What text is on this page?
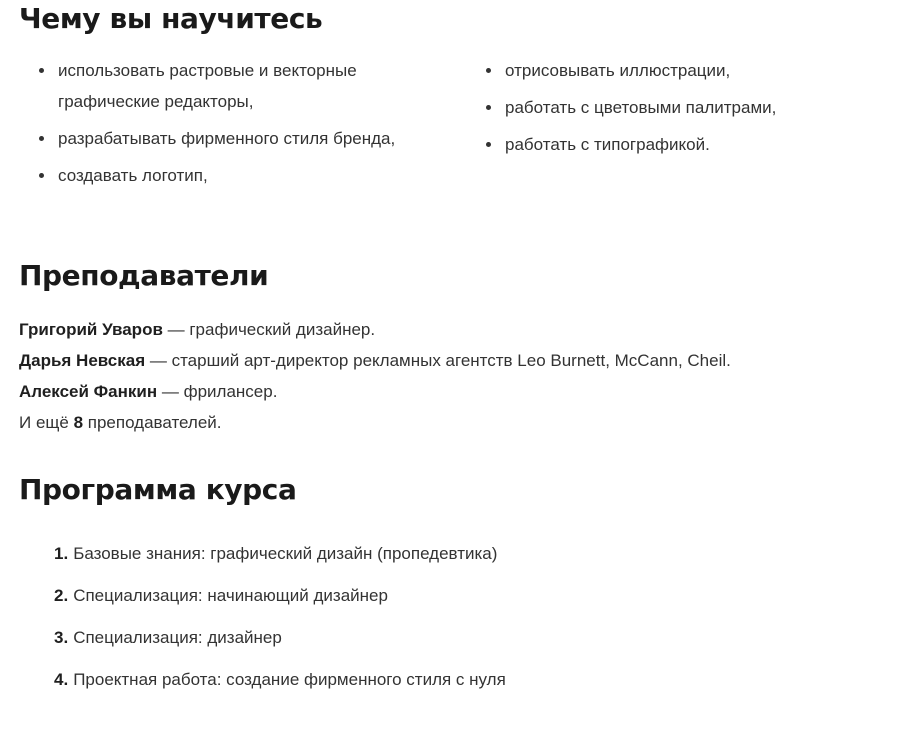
Чему вы научитесь
использовать растровые и векторные графические редакторы,
разрабатывать фирменного стиля бренда,
создавать логотип,
отрисовывать иллюстрации,
работать с цветовыми палитрами,
работать с типографикой.
Преподаватели
Григорий Уваров — графический дизайнер.
Дарья Невская — старший арт-директор рекламных агентств Leo Burnett, McCann, Cheil.
Алексей Фанкин — фрилансер.
И ещё 8 преподавателей.
Программа курса
1. Базовые знания: графический дизайн (пропедевтика)
2. Специализация: начинающий дизайнер
3. Специализация: дизайнер
4. Проектная работа: создание фирменного стиля с нуля
